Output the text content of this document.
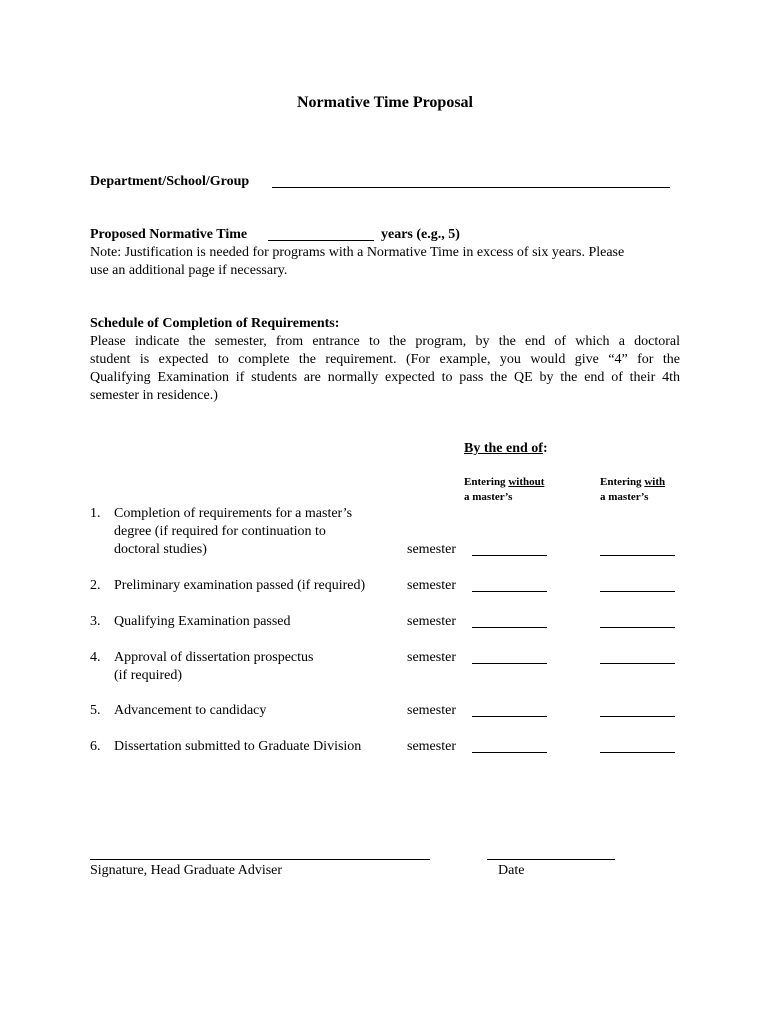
Normative Time Proposal
Department/School/Group
Proposed Normative Time	years (e.g., 5)
Note: Justification is needed for programs with a Normative Time in excess of six years. Please
use an additional page if necessary.
Schedule of Completion of Requirements:
Please indicate the semester, from entrance to the program, by the end of which a doctoral
student is expected to complete the requirement. (For example, you would give “4” for the
Qualifying Examination if students are normally expected to pass the QE by the end of their 4th
semester in residence.)
By the end of:
Entering without
a master’s
Entering with
a master’s
1. Completion of requirements for a master’s
degree (if required for continuation to
doctoral studies)	semester
2. Preliminary examination passed (if required)	semester
3. Qualifying Examination passed	semester
4. Approval of dissertation prospectus
(if required)
semester
5. Advancement to candidacy	semester
6. Dissertation submitted to Graduate Division	semester
Signature, Head Graduate Adviser	Date
